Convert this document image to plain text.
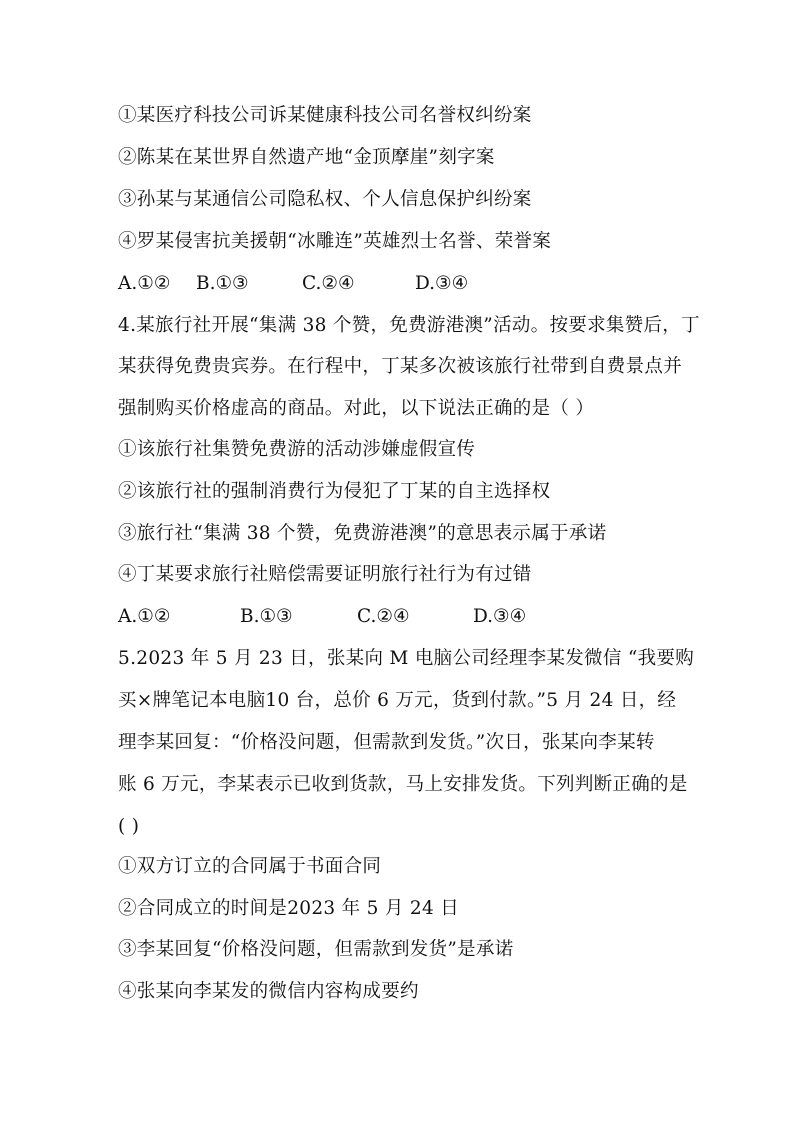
①某医疗科技公司诉某健康科技公司名誉权纠纷案
②陈某在某世界自然遗产地“金顶摩崖”刻字案
③孙某与某通信公司隐私权、个人信息保护纠纷案
④罗某侵害抗美援朝“冰雕连”英雄烈士名誉、荣誉案
A.①② B.①③	C.②④	D.③④
4.某旅行社开展“集满 38 个赞，免费游港澳”活动。按要求集赞后，丁
某获得免费贵宾券。在行程中，丁某多次被该旅行社带到自费景点并
强制购买价格虚高的商品。对此，以下说法正确的是（ ）
①该旅行社集赞免费游的活动涉嫌虚假宣传
②该旅行社的强制消费行为侵犯了丁某的自主选择权
③旅行社“集满 38 个赞，免费游港澳”的意思表示属于承诺
④丁某要求旅行社赔偿需要证明旅行社行为有过错
A.①②	B.①③	C.②④	D.③④
5.2023 年 5 月 23 日，张某向 M 电脑公司经理李某发微信 “我要购
买×牌笔记本电脑10 台，总价 6 万元，货到付款。”5 月 24 日，经
理李某回复：“价格没问题，但需款到发货。”次日，张某向李某转
账 6 万元，李某表示已收到货款，马上安排发货。下列判断正确的是
( )
①双方订立的合同属于书面合同
②合同成立的时间是2023 年 5 月 24 日
③李某回复“价格没问题，但需款到发货”是承诺
④张某向李某发的微信内容构成要约
